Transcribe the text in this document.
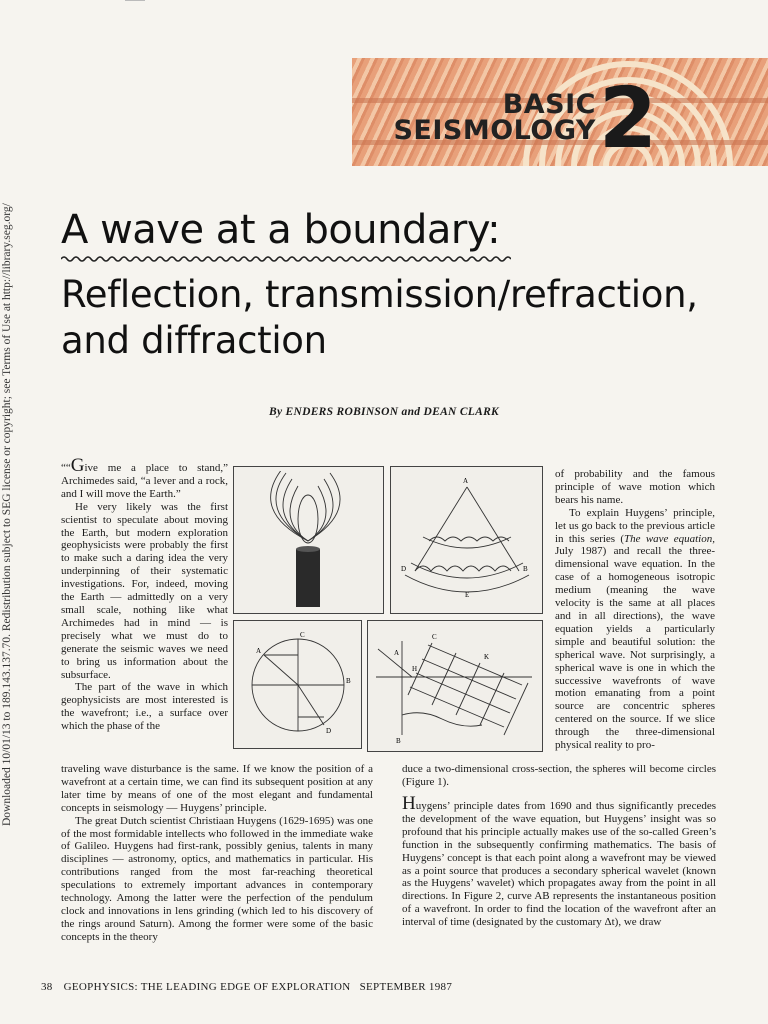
Downloaded 10/01/13 to 189.143.137.70. Redistribution subject to SEG license or copyright; see Terms of Use at http://library.seg.org/
BASIC
SEISMOLOGY 2
A wave at a boundary:
Reflection, transmission/refraction,
and diffraction
By ENDERS ROBINSON and DEAN CLARK

““Give me a place to stand,” Archimedes said, “a lever and a rock, and I will move the Earth.”

He very likely was the first scientist to speculate about moving the Earth, but modern exploration geophysicists were probably the first to make such a daring idea the very underpinning of their systematic investigations. For, indeed, moving the Earth — admittedly on a very small scale, nothing like what Archimedes had in mind — is precisely what we must do to generate the seismic waves we need to bring us information about the subsurface.

The part of the wave in which geophysicists are most interested is the wavefront; i.e., a surface over which the phase of the

A
D	B
E
A
B
C
D
A
C
H
K
B

of probability and the famous principle of wave motion which bears his name.

To explain Huygens’ principle, let us go back to the previous article in this series (The wave equation, July 1987) and recall the three-dimensional wave equation. In the case of a homogeneous isotropic medium (meaning the wave velocity is the same at all places and in all directions), the wave equation yields a particularly simple and beautiful solution: the spherical wave. Not surprisingly, a spherical wave is one in which the successive wavefronts of wave motion emanating from a point source are concentric spheres centered on the source. If we slice through the three-dimensional physical reality to pro-

traveling wave disturbance is the same. If we know the position of a wavefront at a certain time, we can find its subsequent position at any later time by means of one of the most elegant and fundamental concepts in seismology — Huygens’ principle.

The great Dutch scientist Christiaan Huygens (1629-1695) was one of the most formidable intellects who followed in the immediate wake of Galileo. Huygens had first-rank, possibly genius, talents in many disciplines — astronomy, optics, and mathematics in particular. His contributions ranged from the most far-reaching theoretical speculations to extremely important advances in contemporary technology. Among the latter were the perfection of the pendulum clock and innovations in lens grinding (which led to his discovery of the rings around Saturn). Among the former were some of the basic concepts in the theory

duce a two-dimensional cross-section, the spheres will become circles (Figure 1).

Huygens’ principle dates from 1690 and thus significantly precedes the development of the wave equation, but Huygens’ insight was so profound that his principle actually makes use of the so-called Green’s function in the subsequently confirming mathematics. The basis of Huygens’ concept is that each point along a wavefront may be viewed as a point source that produces a secondary spherical wavelet (known as the Huygens’ wavelet) which propagates away from the point in all directions. In Figure 2, curve AB represents the instantaneous position of a wavefront. In order to find the location of the wavefront after an interval of time (designated by the customary Δt), we draw

38 GEOPHYSICS: THE LEADING EDGE OF EXPLORATION SEPTEMBER 1987
